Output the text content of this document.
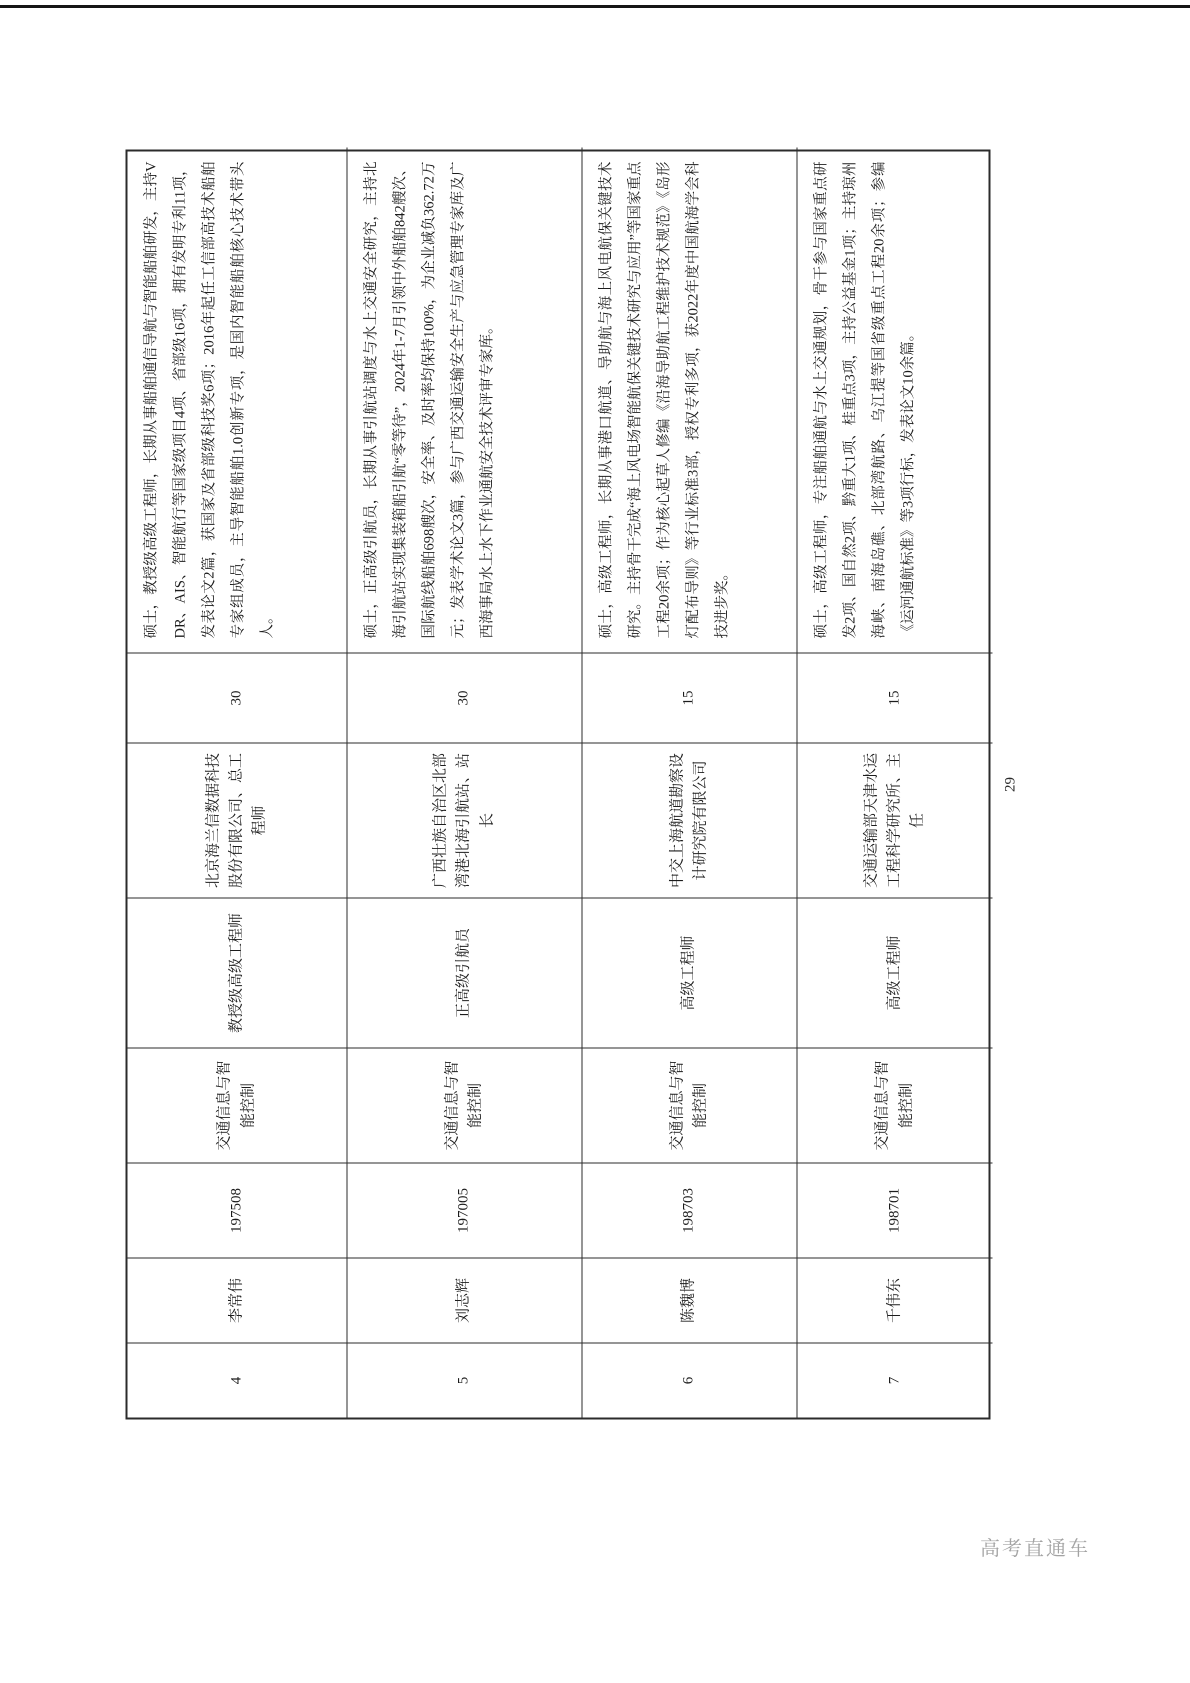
4
李常伟
197508
交通信息与智能控制
教授级高级工程师
北京海兰信数据科技股份有限公司、总工程师
30
硕士，教授级高级工程师，长期从事船舶通信导航与智能船舶研发，主持VDR、AIS、智能航行等国家级项目4项、省部级16项，拥有发明专利11项，发表论文2篇，获国家及省部级科技奖6项；2016年起任工信部高技术船舶专家组成员，主导智能船舶1.0创新专项，是国内智能船舶核心技术带头人。
5
刘志辉
197005
交通信息与智能控制
正高级引航员
广西壮族自治区北部湾港北海引航站、站长
30
硕士，正高级引航员，长期从事引航站调度与水上交通安全研究，主持北海引航站实现集装箱船引航“零等待”，2024年1-7月引领中外船舶842艘次、国际航线船舶698艘次，安全率、及时率均保持100%，为企业减负362.72万元；发表学术论文3篇，参与广西交通运输安全生产与应急管理专家库及广西海事局水上水下作业通航安全技术评审专家库。
6
陈魏博
198703
交通信息与智能控制
高级工程师
中交上海航道勘察设计研究院有限公司
15
硕士，高级工程师，长期从事港口航道、导助航与海上风电航保关键技术研究。主持骨干完成“海上风电场智能航保关键技术研究与应用”等国家重点工程20余项；作为核心起草人修编《沿海导助航工程维护技术规范》《岛形灯配布导则》等行业标准3部，授权专利多项，获2022年度中国航海学会科技进步奖。
7
千伟东
198701
交通信息与智能控制
高级工程师
交通运输部天津水运工程科学研究所、主任
15
硕士，高级工程师，专注船舶通航与水上交通规划，骨干参与国家重点研发2项、国自然2项、黔重大1项、桂重点3项，主持公益基金1项；主持琼州海峡、南海岛礁、北部湾航路、乌江提等国省级重点工程20余项；参编《运河通航标准》等3项行标，发表论文10余篇。
29
高考直通车
